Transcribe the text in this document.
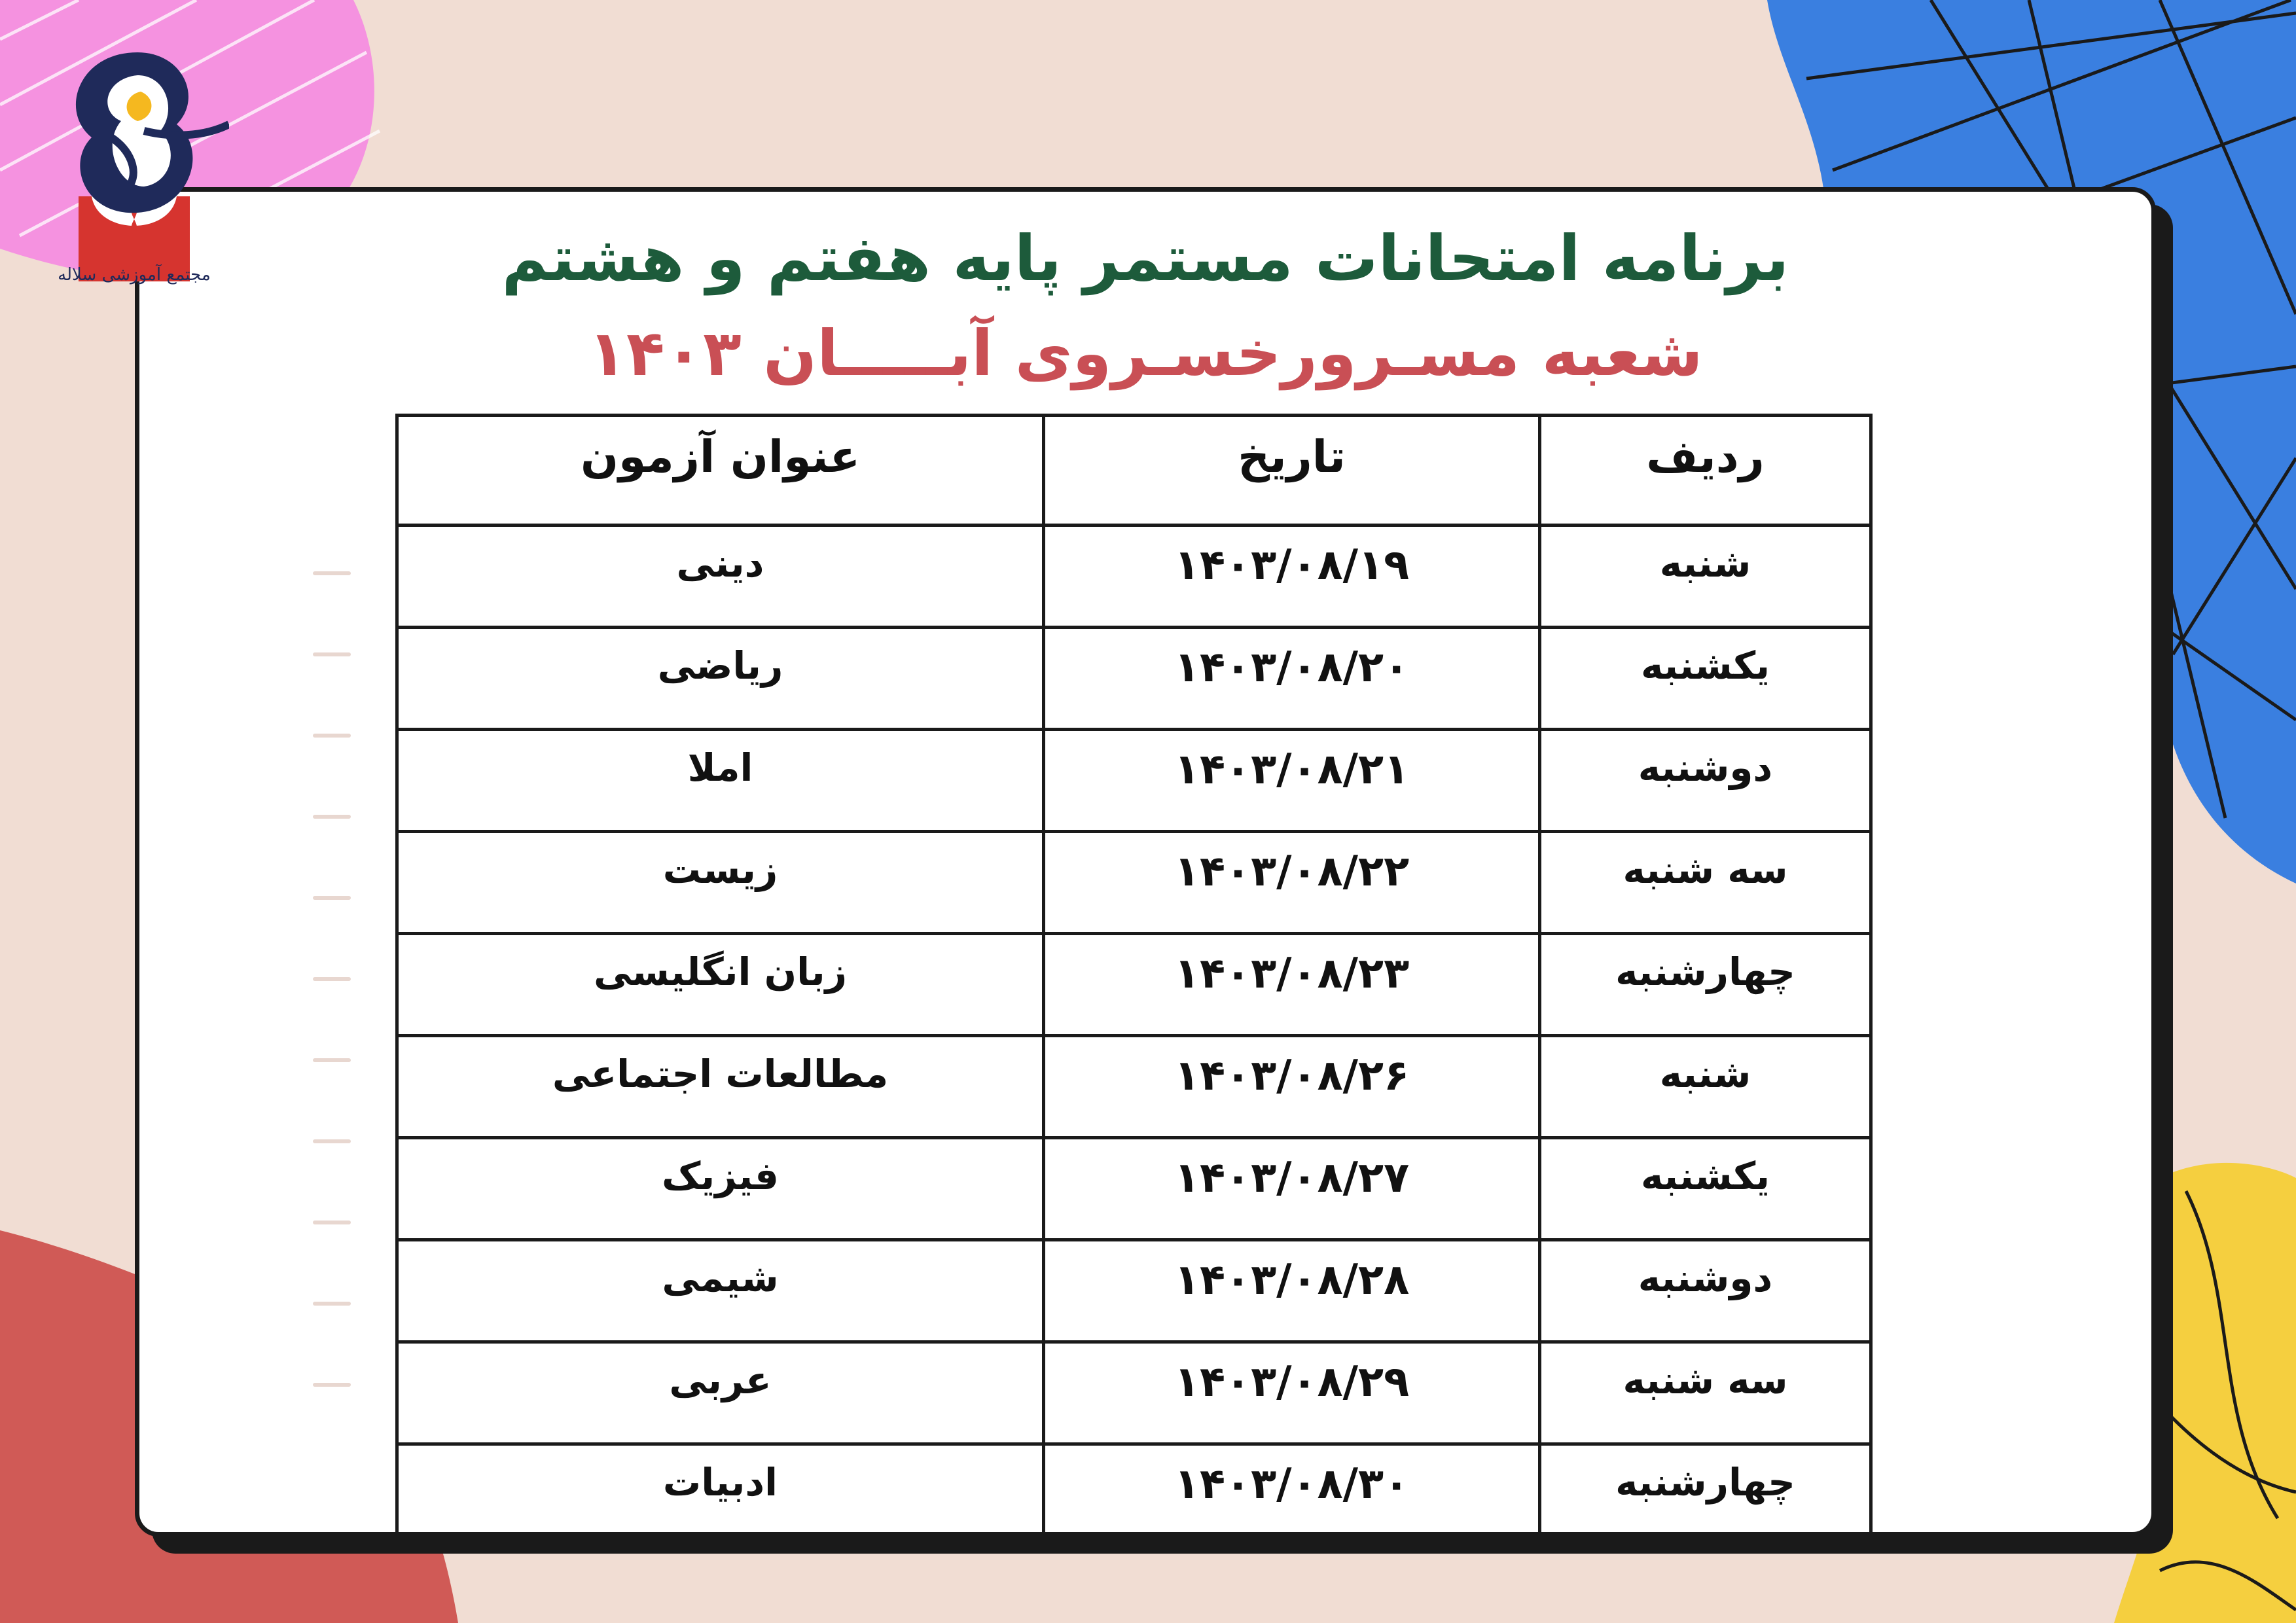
مجتمع آموزشی سلاله	برنامه امتحانات مستمر پایه هفتم و هشتم
شعبه مسـرورخسـروی آبـــــان ۱۴۰۳
ردیف	تاریخ	عنوان آزمون
شنبه	۱۴۰۳/۰۸/۱۹	دینی
یکشنبه	۱۴۰۳/۰۸/۲۰	ریاضی
دوشنبه	۱۴۰۳/۰۸/۲۱	املا
سه شنبه	۱۴۰۳/۰۸/۲۲	زیست
چهارشنبه	۱۴۰۳/۰۸/۲۳	زبان انگلیسی
شنبه	۱۴۰۳/۰۸/۲۶	مطالعات اجتماعی
یکشنبه	۱۴۰۳/۰۸/۲۷	فیزیک
دوشنبه	۱۴۰۳/۰۸/۲۸	شیمی
سه شنبه	۱۴۰۳/۰۸/۲۹	عربی
چهارشنبه	۱۴۰۳/۰۸/۳۰	ادبیات
